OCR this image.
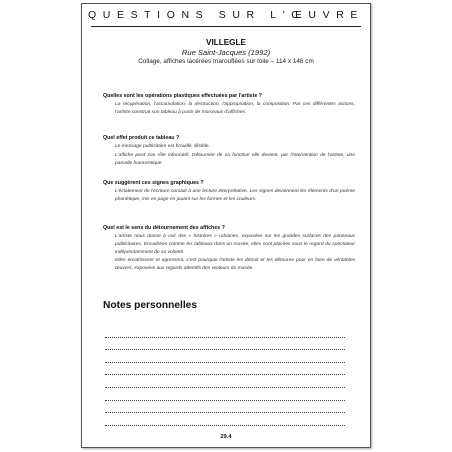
QUESTIONS SUR L'ŒUVRE
VILLEGLE
Rue Saint-Jacques (1992)
Collage, affiches lacérées marouflées sur toile – 114 x 146 cm
Quelles sont les opérations plastiques effectuées par l'artiste ?

La récupération, l'accumulation, la destruction, l'appropriation, la composition. Par ces différentes actions, l'artiste construit son tableau à partir de morceaux d'affiches.

Quel effet produit ce tableau ?

Le message publicitaire est brouillé, illisible.

L'affiche perd son rôle informatif. Détournée de sa fonction elle devient, par l'intervention de l'artiste, une parcelle humoristique.

Que suggèrent ces signes graphiques ?

L'éclatement de l'écriture conduit à une lecture interprétative. Les signes deviennent les éléments d'un poème phonétique, mis en page en jouant sur les formes et les couleurs.

Quel est le sens du détournement des affiches ?

L'artiste nous donne à voir des « histoires » urbaines, exposées sur les grandes surfaces des panneaux publicitaires. Encadrées comme les tableaux dans un musée, elles sont placées sous le regard du spectateur indépendamment de sa volonté.

Elles envahissent et agressent, c'est pourquoi l'artiste les détruit et les détourne pour en faire de véritables œuvres, exposées aux regards attentifs des visiteurs du musée.

Notes personnelles
29.4
